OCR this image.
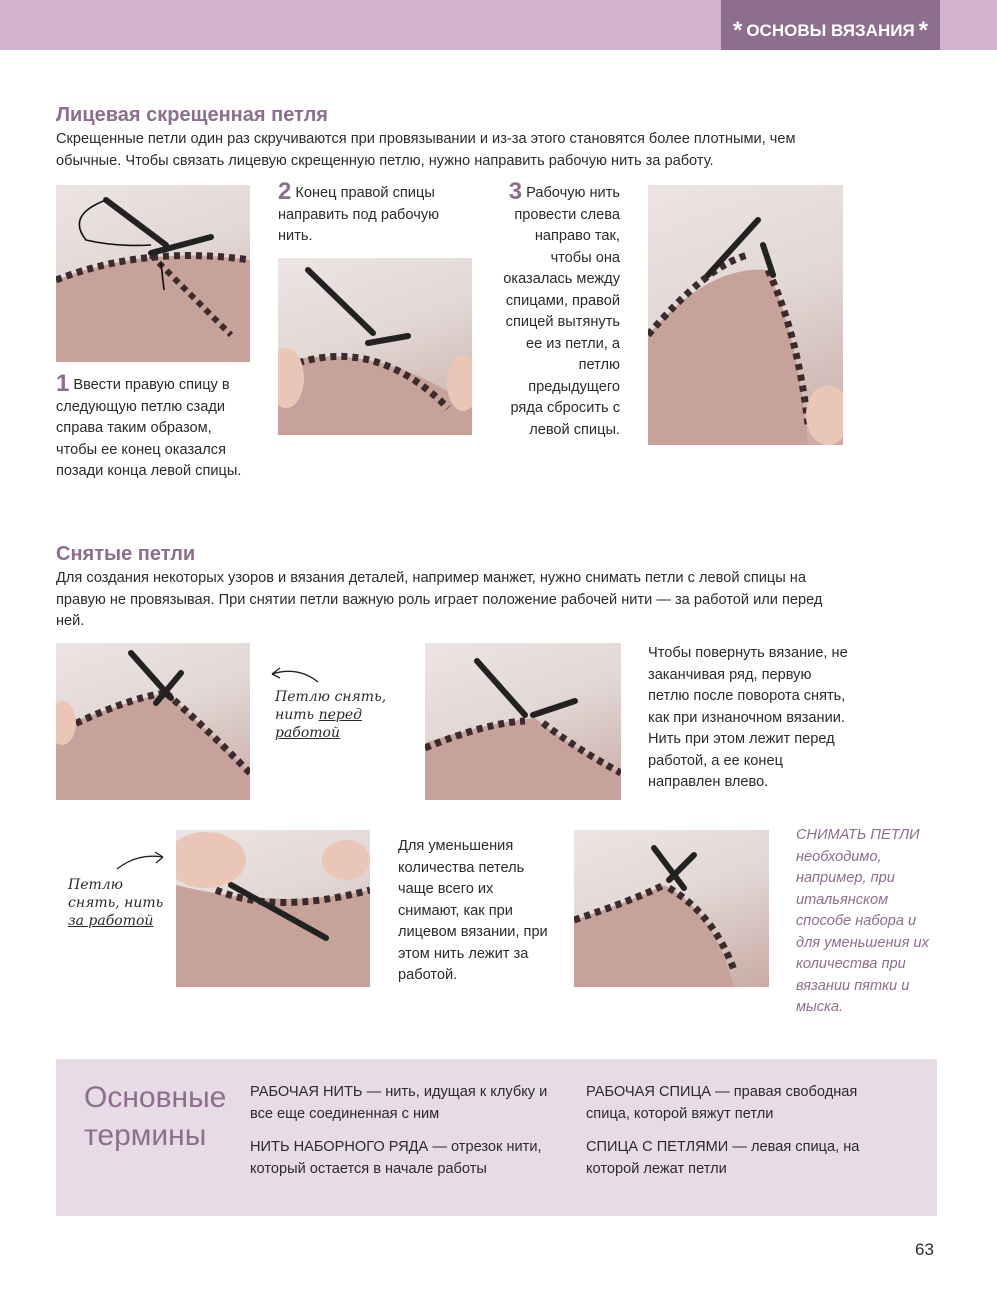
* ОСНОВЫ ВЯЗАНИЯ *
Лицевая скрещенная петля

Скрещенные петли один раз скручиваются при провязывании и из-за этого становятся более плотными, чем обычные. Чтобы связать лицевую скрещенную петлю, нужно направить рабочую нить за работу.

1 Ввести правую спицу в следующую петлю сзади справа таким образом, чтобы ее конец оказался позади конца левой спицы.
2 Конец правой спицы направить под рабочую нить.
3 Рабочую нить провести слева направо так, чтобы она оказалась между спицами, правой спицей вытянуть ее из петли, а петлю предыдущего ряда сбросить с левой спицы.
Снятые петли

Для создания некоторых узоров и вязания деталей, например манжет, нужно снимать петли с левой спицы на правую не провязывая. При снятии петли важную роль играет положение рабочей нити — за работой или перед ней.

Петлю снять,
нить перед
работой

Чтобы повернуть вязание, не заканчивая ряд, первую петлю после поворота снять, как при изнаночном вязании. Нить при этом лежит перед работой, а ее конец направлен влево.

Петлю
снять, нить
за работой

Для уменьшения количества петель чаще всего их снимают, как при лицевом вязании, при этом нить лежит за работой.

СНИМАТЬ ПЕТЛИ необходимо, например, при итальянском способе набора и для уменьшения их количества при вязании пятки и мыска.

Основные
термины

РАБОЧАЯ НИТЬ — нить, идущая к клубку и все еще соединенная с ним

НИТЬ НАБОРНОГО РЯДА — отрезок нити, который остается в начале работы

РАБОЧАЯ СПИЦА — правая свободная спица, которой вяжут петли

СПИЦА С ПЕТЛЯМИ — левая спица, на которой лежат петли

63
